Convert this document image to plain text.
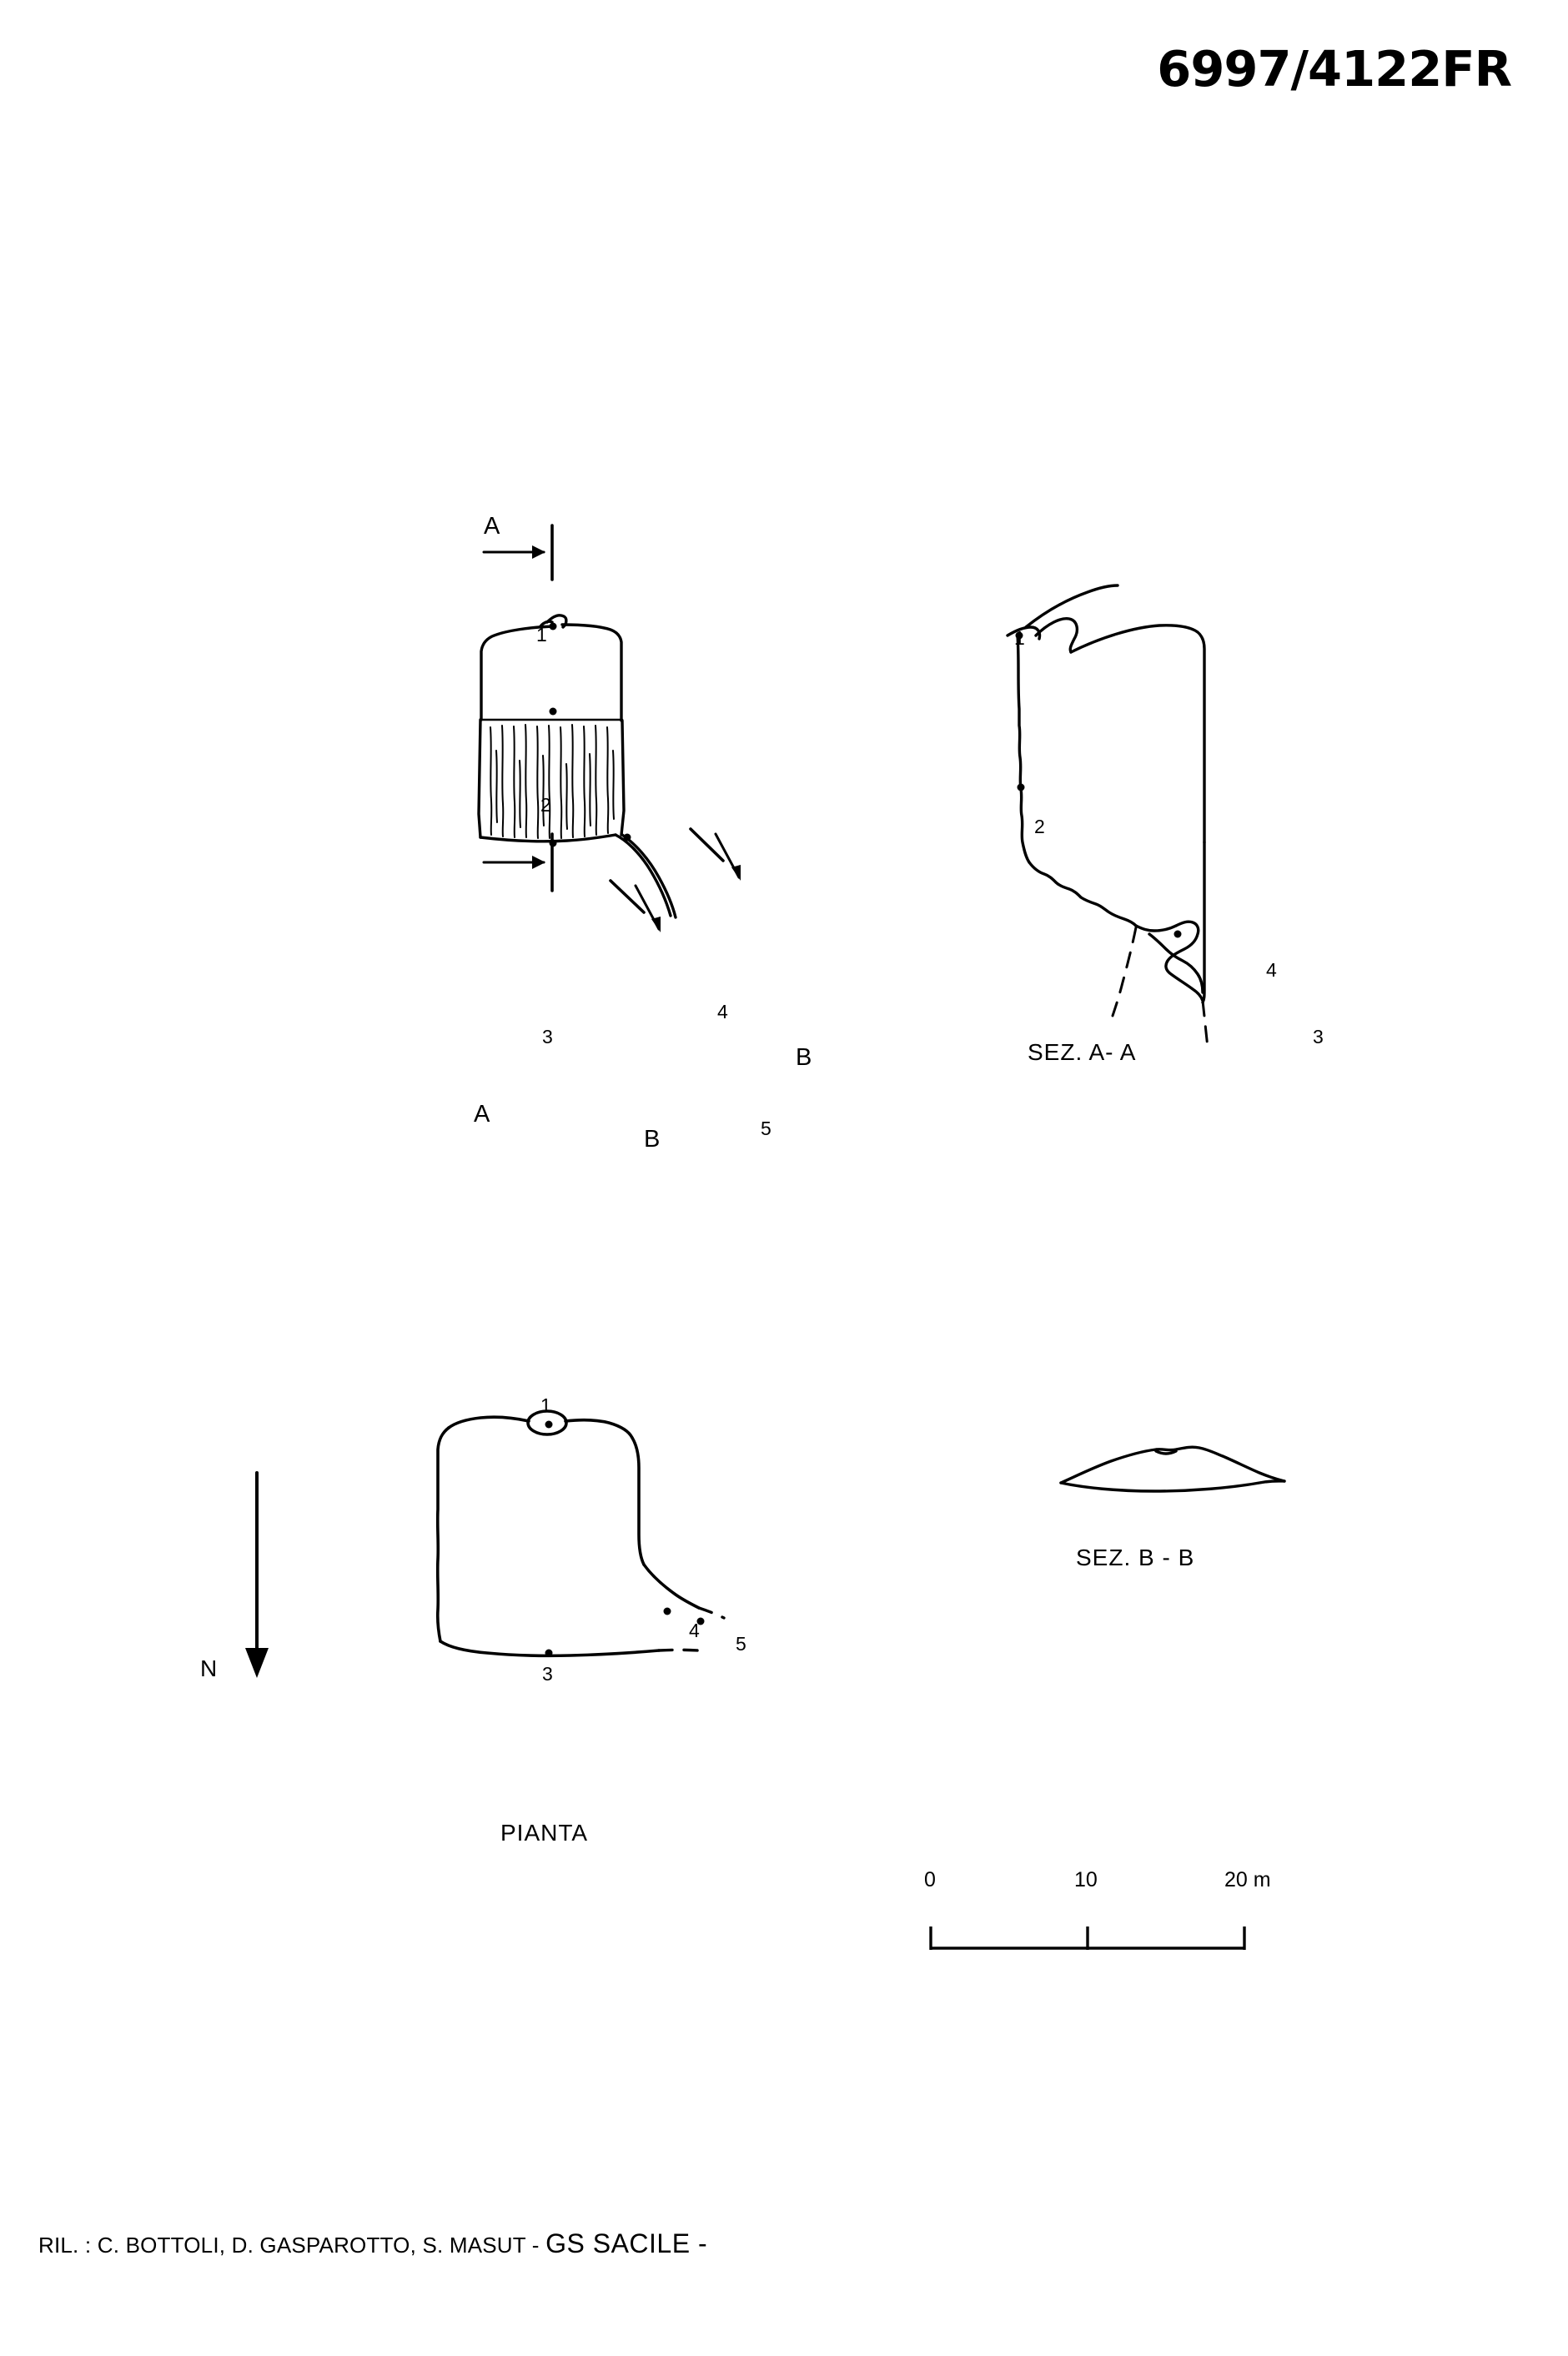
6997/4122FR
A
A
B
B
1
2
3
4
5
1
2
4
3
SEZ. A- A
1
4
5
3
PIANTA
N
SEZ. B - B
0	10	20 m
RIL. : C. BOTTOLI, D. GASPAROTTO, S. MASUT - GS SACILE -
